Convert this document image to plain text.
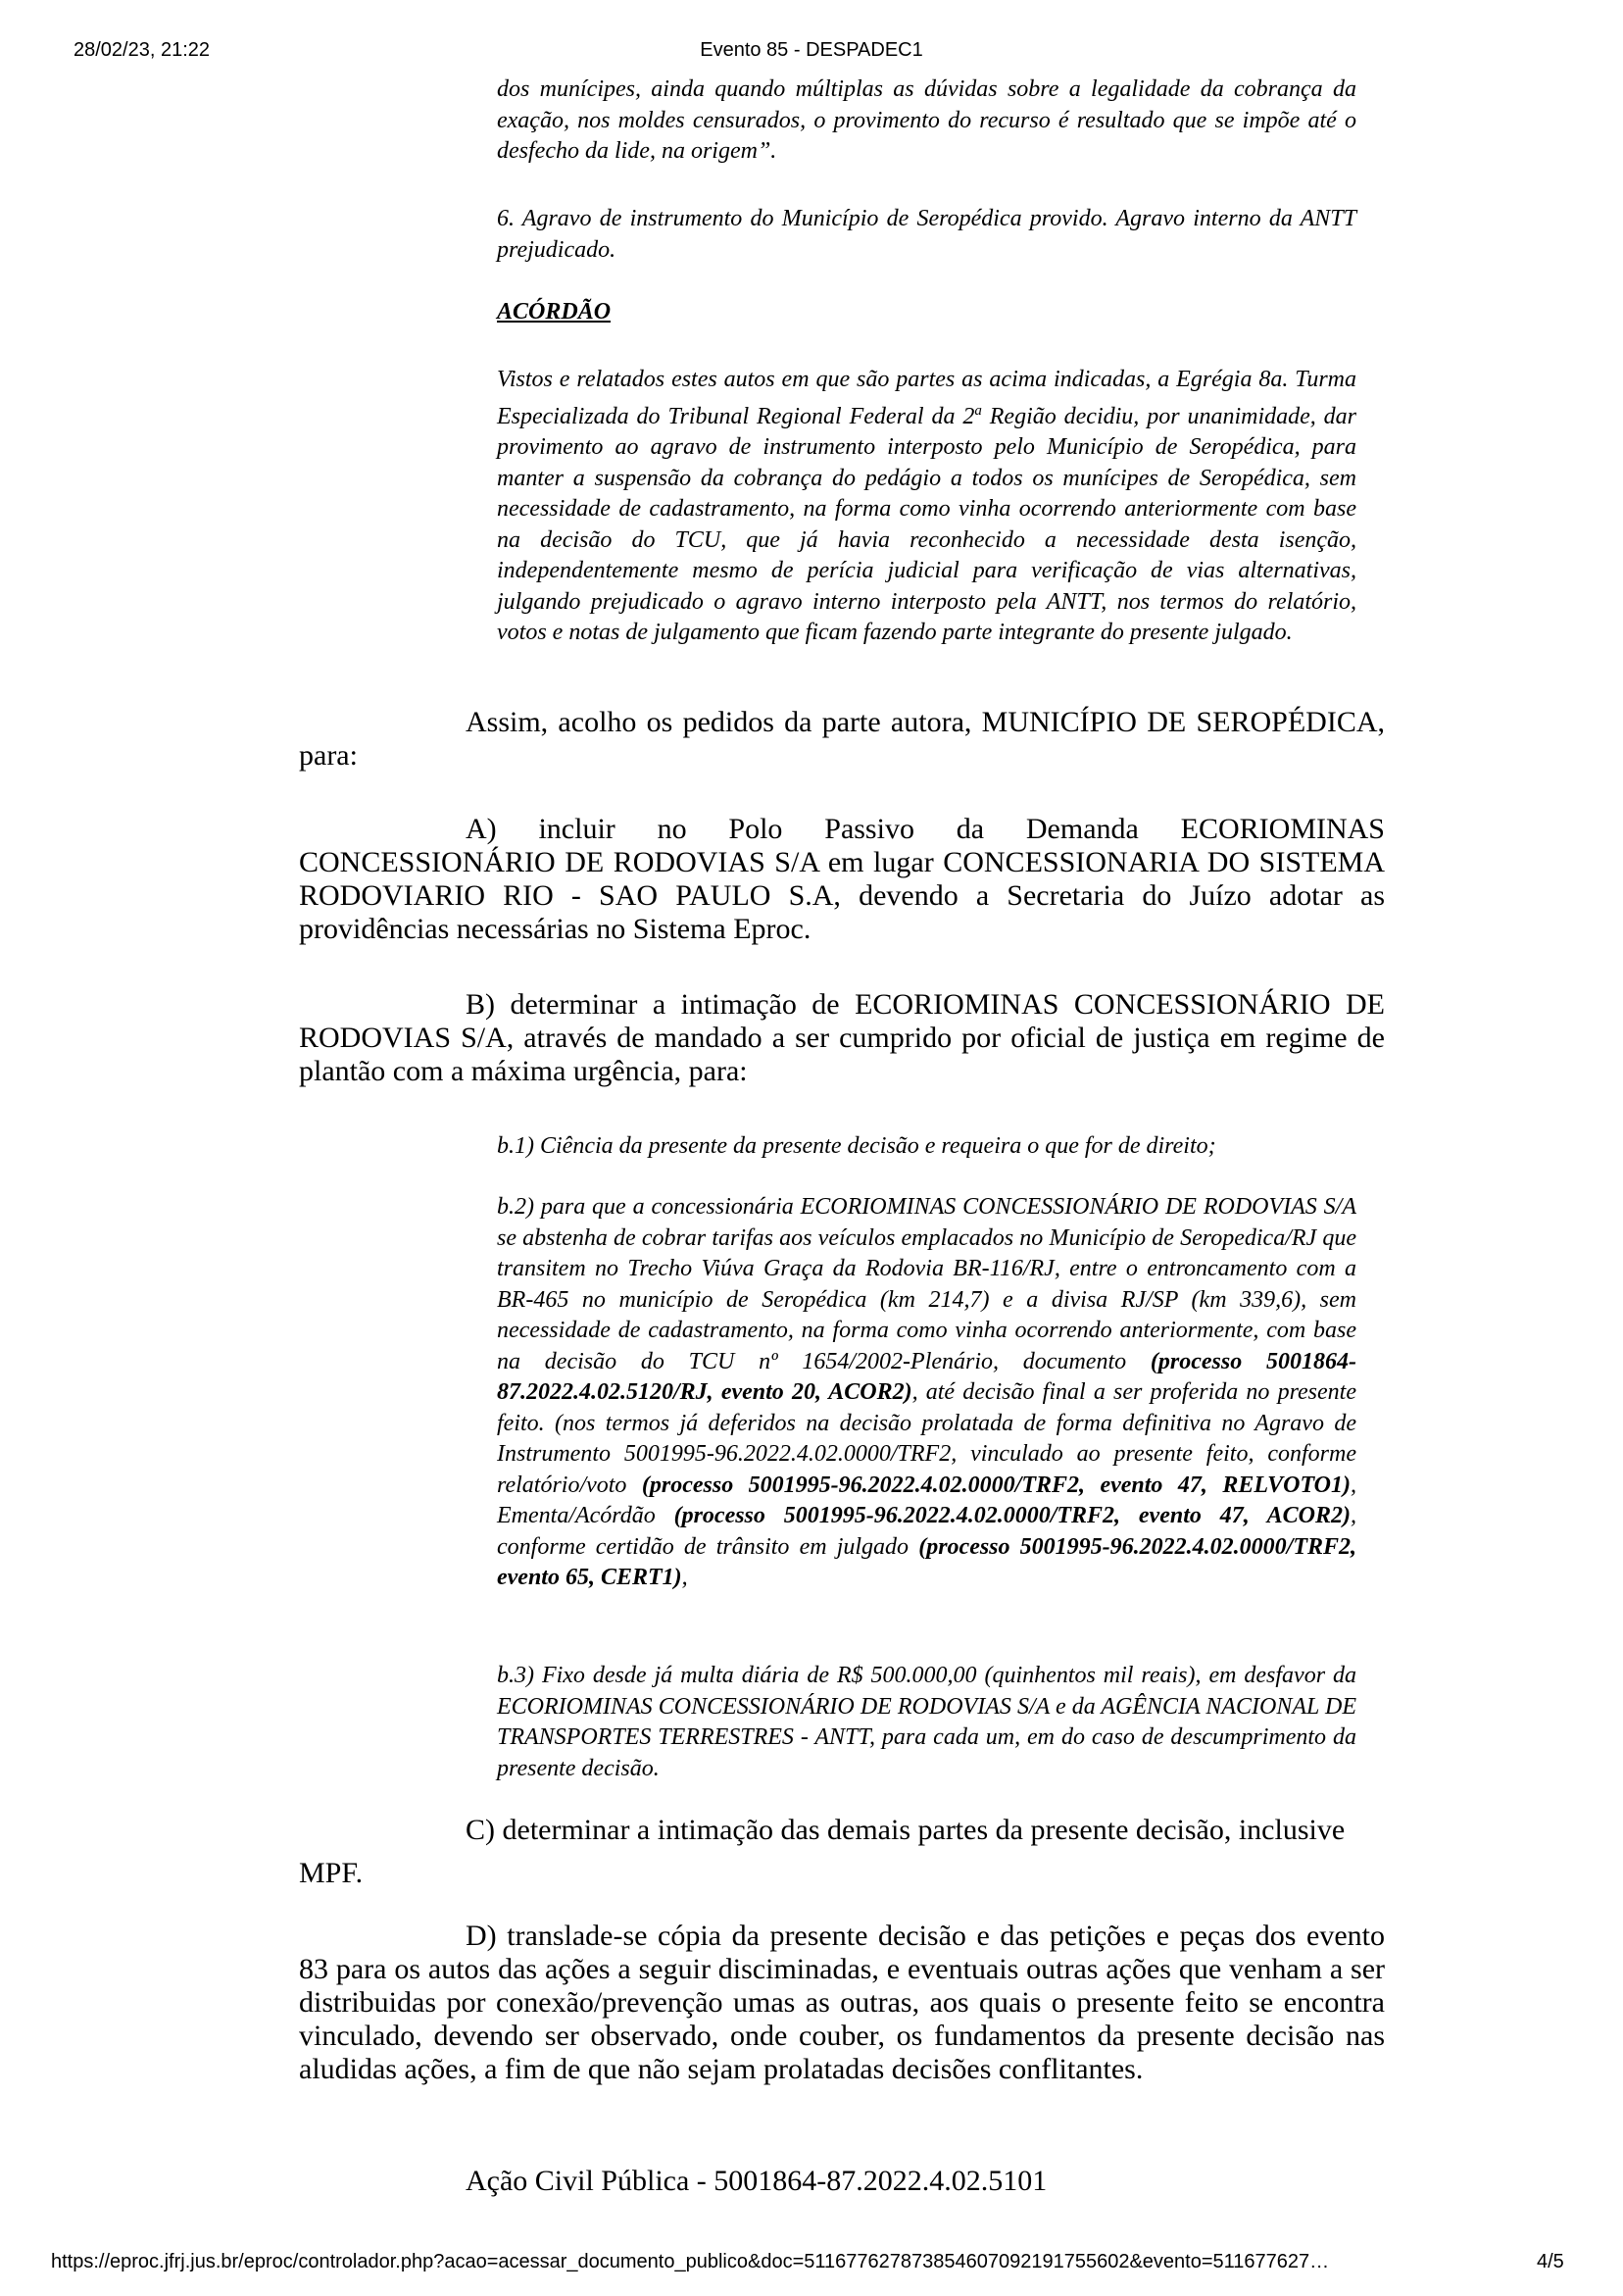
28/02/23, 21:22	Evento 85 - DESPADEC1

dos munícipes, ainda quando múltiplas as dúvidas sobre a legalidade da cobrança da exação, nos moldes censurados, o provimento do recurso é resultado que se impõe até o desfecho da lide, na origem”.

6. Agravo de instrumento do Município de Seropédica provido. Agravo interno da ANTT prejudicado.

ACÓRDÃO

Vistos e relatados estes autos em que são partes as acima indicadas, a Egrégia 8a. Turma Especializada do Tribunal Regional Federal da 2$^a$ Região decidiu, por unanimidade, dar provimento ao agravo de instrumento interposto pelo Município de Seropédica, para manter a suspensão da cobrança do pedágio a todos os munícipes de Seropédica, sem necessidade de cadastramento, na forma como vinha ocorrendo anteriormente com base na decisão do TCU, que já havia reconhecido a necessidade desta isenção, independentemente mesmo de perícia judicial para verificação de vias alternativas, julgando prejudicado o agravo interno interposto pela ANTT, nos termos do relatório, votos e notas de julgamento que ficam fazendo parte integrante do presente julgado.

Assim, acolho os pedidos da parte autora, MUNICÍPIO DE SEROPÉDICA, para:

A) incluir no Polo Passivo da Demanda ECORIOMINAS CONCESSIONÁRIO DE RODOVIAS S/A em lugar CONCESSIONARIA DO SISTEMA RODOVIARIO RIO - SAO PAULO S.A, devendo a Secretaria do Juízo adotar as providências necessárias no Sistema Eproc.

B) determinar a intimação de ECORIOMINAS CONCESSIONÁRIO DE RODOVIAS S/A, através de mandado a ser cumprido por oficial de justiça em regime de plantão com a máxima urgência, para:

b.1) Ciência da presente da presente decisão e requeira o que for de direito;

b.2) para que a concessionária ECORIOMINAS CONCESSIONÁRIO DE RODOVIAS S/A se abstenha de cobrar tarifas aos veículos emplacados no Município de Seropedica/RJ que transitem no Trecho Viúva Graça da Rodovia BR-116/RJ, entre o entroncamento com a BR-465 no município de Seropédica (km 214,7) e a divisa RJ/SP (km 339,6), sem necessidade de cadastramento, na forma como vinha ocorrendo anteriormente, com base na decisão do TCU nº 1654/2002-Plenário, documento (processo 5001864-87.2022.4.02.5120/RJ, evento 20, ACOR2), até decisão final a ser proferida no presente feito. (nos termos já deferidos na decisão prolatada de forma definitiva no Agravo de Instrumento 5001995-96.2022.4.02.0000/TRF2, vinculado ao presente feito, conforme relatório/voto (processo 5001995-96.2022.4.02.0000/TRF2, evento 47, RELVOTO1), Ementa/Acórdão (processo 5001995-96.2022.4.02.0000/TRF2, evento 47, ACOR2), conforme certidão de trânsito em julgado (processo 5001995-96.2022.4.02.0000/TRF2, evento 65, CERT1),

b.3) Fixo desde já multa diária de R$ 500.000,00 (quinhentos mil reais), em desfavor da ECORIOMINAS CONCESSIONÁRIO DE RODOVIAS S/A e da AGÊNCIA NACIONAL DE TRANSPORTES TERRESTRES - ANTT, para cada um, em do caso de descumprimento da presente decisão.

C) determinar a intimação das demais partes da presente decisão, inclusive

MPF.

D) translade-se cópia da presente decisão e das petições e peças dos evento 83 para os autos das ações a seguir disciminadas, e eventuais outras ações que venham a ser distribuidas por conexão/prevenção umas as outras, aos quais o presente feito se encontra vinculado, devendo ser observado, onde couber, os fundamentos da presente decisão nas aludidas ações, a fim de que não sejam prolatadas decisões conflitantes.

Ação Civil Pública - 5001864-87.2022.4.02.5101

https://eproc.jfrj.jus.br/eproc/controlador.php?acao=acessar_documento_publico&doc=511677627873854607092191755602&evento=511677627…	4/5
